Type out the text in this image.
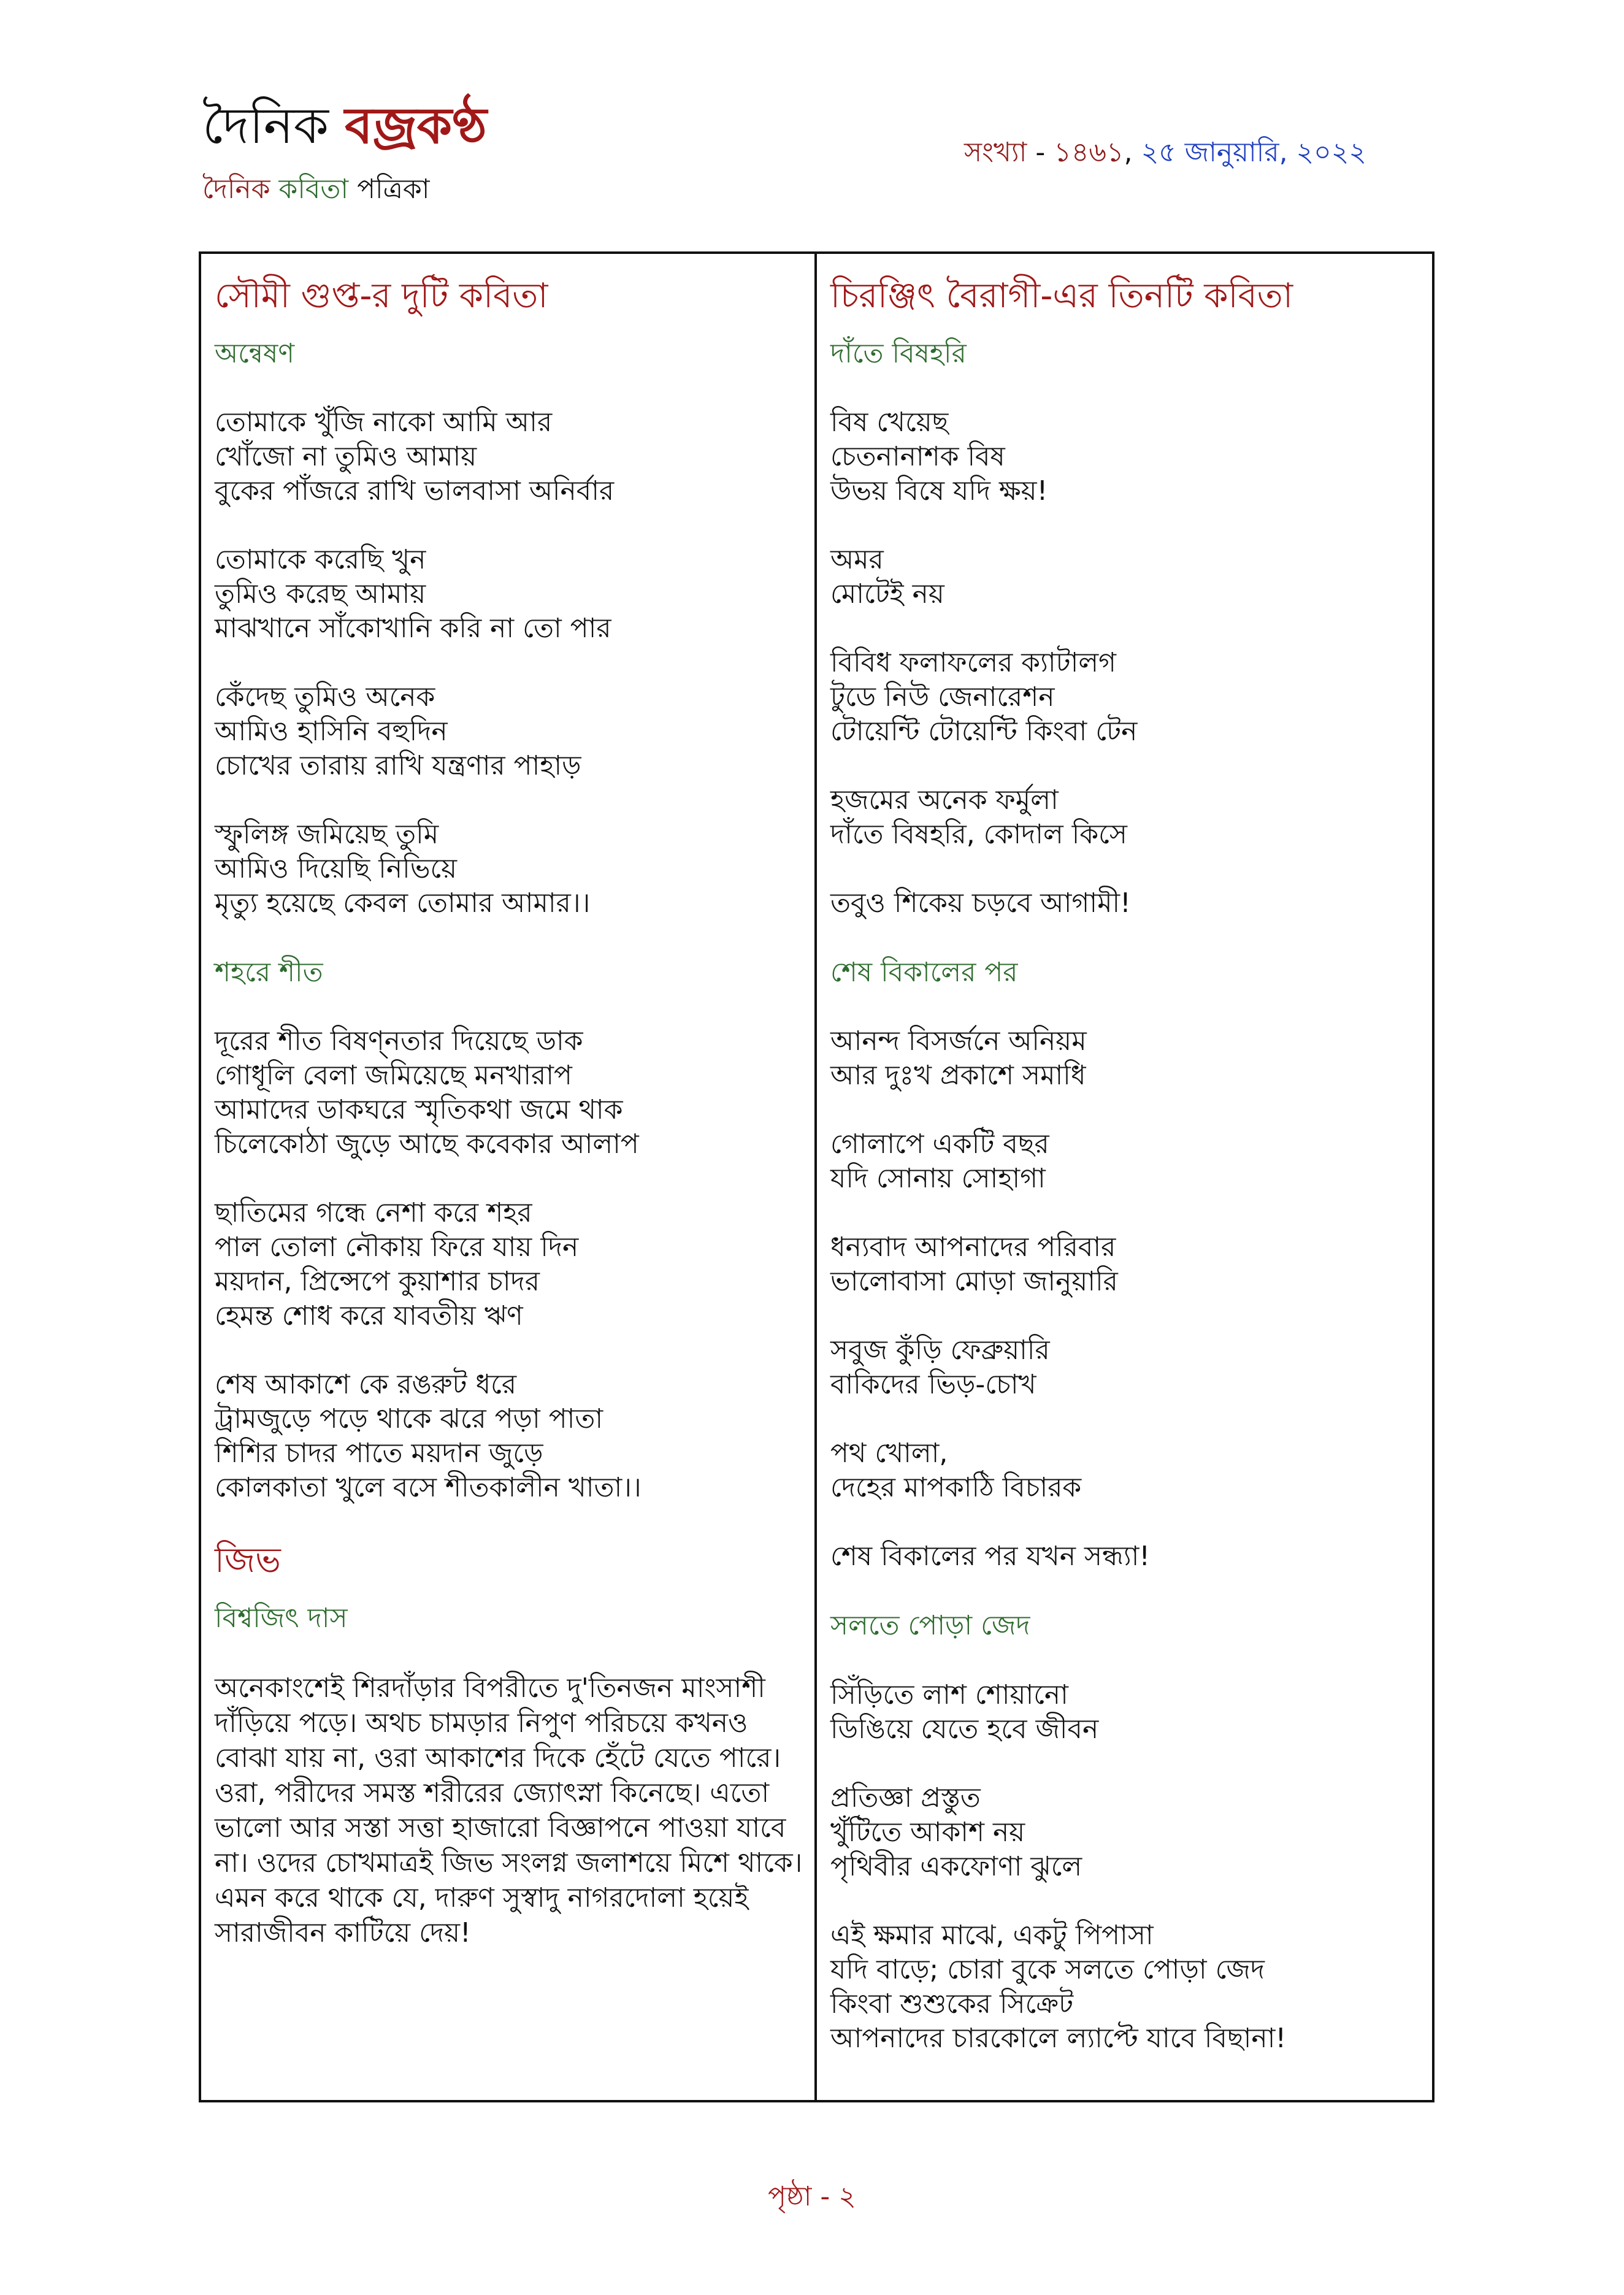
দৈনিক বজ্রকণ্ঠ
দৈনিক কবিতা পত্রিকা
সংখ্যা - ১৪৬১, ২৫ জানুয়ারি, ২০২২
সৌমী গুপ্ত-র দুটি কবিতা
অন্বেষণ
তোমাকে খুঁজি নাকো আমি আর
খোঁজো না তুমিও আমায়
বুকের পাঁজরে রাখি ভালবাসা অনির্বার
তোমাকে করেছি খুন
তুমিও করেছ আমায়
মাঝখানে সাঁকোখানি করি না তো পার
কেঁদেছ তুমিও অনেক
আমিও হাসিনি বহুদিন
চোখের তারায় রাখি যন্ত্রণার পাহাড়
স্ফুলিঙ্গ জমিয়েছ তুমি
আমিও দিয়েছি নিভিয়ে
মৃত্যু হয়েছে কেবল তোমার আমার।।
শহরে শীত
দূরের শীত বিষণ্নতার দিয়েছে ডাক
গোধূলি বেলা জমিয়েছে মনখারাপ
আমাদের ডাকঘরে স্মৃতিকথা জমে থাক
চিলেকোঠা জুড়ে আছে কবেকার আলাপ
ছাতিমের গন্ধে নেশা করে শহর
পাল তোলা নৌকায় ফিরে যায় দিন
ময়দান, প্রিন্সেপে কুয়াশার চাদর
হেমন্ত শোধ করে যাবতীয় ঋণ
শেষ আকাশে কে রঙরুট ধরে
ট্রামজুড়ে পড়ে থাকে ঝরে পড়া পাতা
শিশির চাদর পাতে ময়দান জুড়ে
কোলকাতা খুলে বসে শীতকালীন খাতা।।
জিভ
বিশ্বজিৎ দাস
অনেকাংশেই শিরদাঁড়ার বিপরীতে দু'তিনজন মাংসাশী
দাঁড়িয়ে পড়ে। অথচ চামড়ার নিপুণ পরিচয়ে কখনও
বোঝা যায় না, ওরা আকাশের দিকে হেঁটে যেতে পারে।
ওরা, পরীদের সমস্ত শরীরের জ্যোৎস্না কিনেছে। এতো
ভালো আর সস্তা সত্তা হাজারো বিজ্ঞাপনে পাওয়া যাবে
না। ওদের চোখমাত্রই জিভ সংলগ্ন জলাশয়ে মিশে থাকে।
এমন করে থাকে যে, দারুণ সুস্বাদু নাগরদোলা হয়েই
সারাজীবন কাটিয়ে দেয়!
চিরঞ্জিৎ বৈরাগী-এর তিনটি কবিতা
দাঁতে বিষহরি
বিষ খেয়েছ
চেতনানাশক বিষ
উভয় বিষে যদি ক্ষয়!
অমর
মোটেই নয়
বিবিধ ফলাফলের ক্যাটালগ
টুডে নিউ জেনারেশন
টোয়েন্টি টোয়েন্টি কিংবা টেন
হজমের অনেক ফর্মুলা
দাঁতে বিষহরি, কোদাল কিসে
তবুও শিকেয় চড়বে আগামী!
শেষ বিকালের পর
আনন্দ বিসর্জনে অনিয়ম
আর দুঃখ প্রকাশে সমাধি
গোলাপে একটি বছর
যদি সোনায় সোহাগা
ধন্যবাদ আপনাদের পরিবার
ভালোবাসা মোড়া জানুয়ারি
সবুজ কুঁড়ি ফেব্রুয়ারি
বাকিদের ভিড়-চোখ
পথ খোলা,
দেহের মাপকাঠি বিচারক
শেষ বিকালের পর যখন সন্ধ্যা!
সলতে পোড়া জেদ
সিঁড়িতে লাশ শোয়ানো
ডিঙিয়ে যেতে হবে জীবন
প্রতিজ্ঞা প্রস্তুত
খুঁটিতে আকাশ নয়
পৃথিবীর একফোণা ঝুলে
এই ক্ষমার মাঝে, একটু পিপাসা
যদি বাড়ে; চোরা বুকে সলতে পোড়া জেদ
কিংবা শুশুকের সিক্রেট
আপনাদের চারকোলে ল্যাপ্টে যাবে বিছানা!
পৃষ্ঠা - ২
